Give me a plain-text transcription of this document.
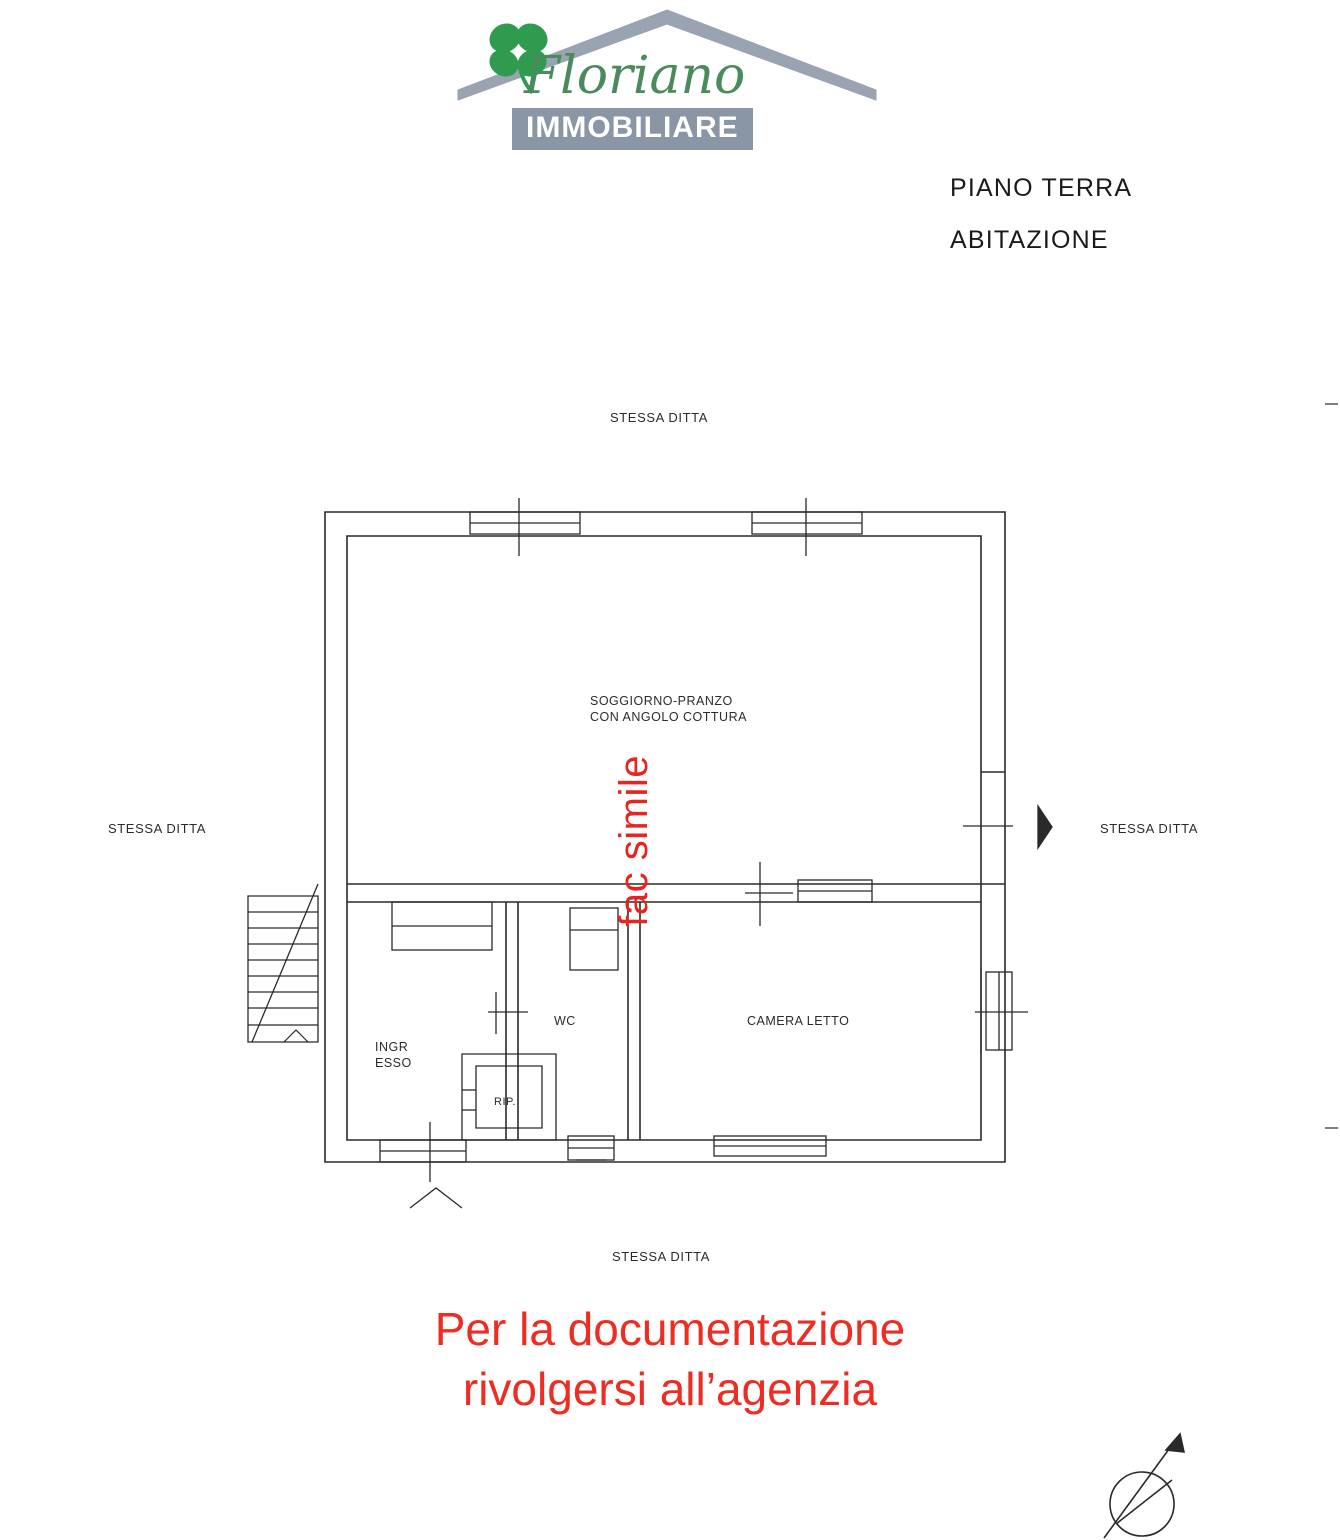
Floriano
IMMOBILIARE
PIANO TERRA
ABITAZIONE
STESSA DITTA
STESSA DITTA	STESSA DITTA
STESSA DITTA
SOGGIORNO-PRANZO
CON ANGOLO COTTURA
WC	CAMERA LETTO
INGR
ESSO
RIP.
fac simile
Per la documentazione
rivolgersi all’agenzia
